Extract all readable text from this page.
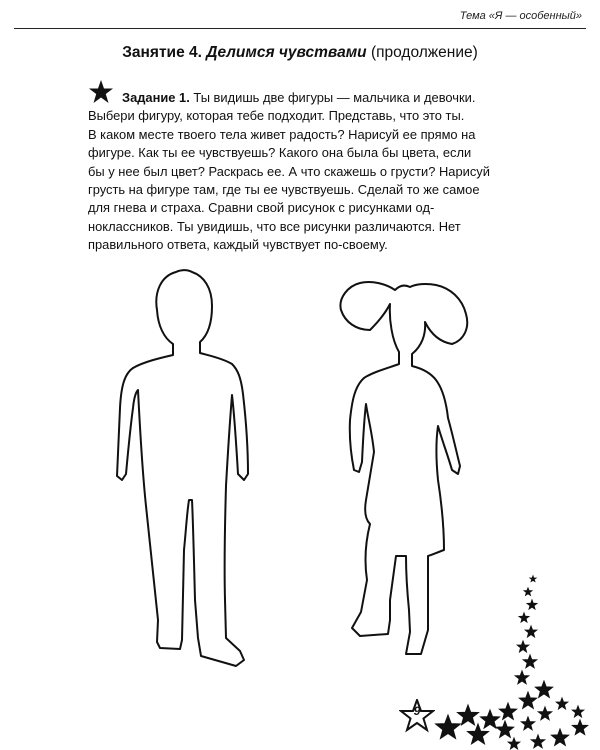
Тема «Я — особенный»
Занятие 4. Делимся чувствами (продолжение)
Задание 1. Ты видишь две фигуры — мальчика и девочки.
Выбери фигуру, которая тебе подходит. Представь, что это ты.
В каком месте твоего тела живет радость? Нарисуй ее прямо на
фигуре. Как ты ее чувствуешь? Какого она была бы цвета, если
бы у нее был цвет? Раскрась ее. А что скажешь о грусти? Нарисуй
грусть на фигуре там, где ты ее чувствуешь. Сделай то же самое
для гнева и страха. Сравни свой рисунок с рисунками од-
ноклассников. Ты увидишь, что все рисунки различаются. Нет
правильного ответа, каждый чувствует по-своему.
9
